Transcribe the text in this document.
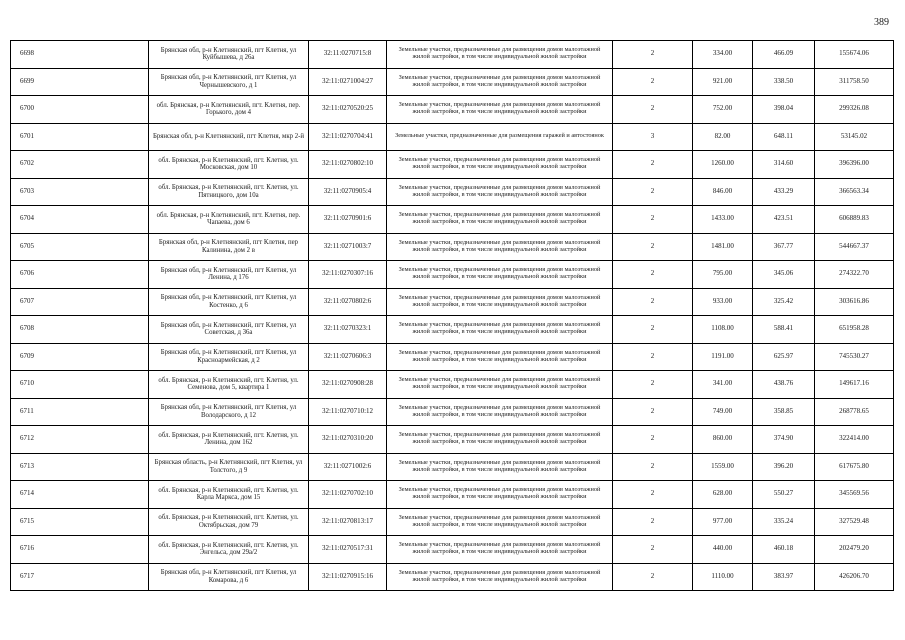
389
6698	Брянская обл, р-н Клетнянский, пгт Клетня, ул Куйбышева, д 26а	32:11:0270715:8	Земельные участки, предназначенные для размещения домов малоэтажной жилой застройки, в том числе индивидуальной жилой застройки	2	334.00	466.09	155674.06
6699	Брянская обл, р-н Клетнянский, пгт Клетня, ул Чернышевского, д 1	32:11:0271004:27	Земельные участки, предназначенные для размещения домов малоэтажной жилой застройки, в том числе индивидуальной жилой застройки	2	921.00	338.50	311758.50
6700	обл. Брянская, р-н Клетнянский, пгт. Клетня, пер. Горького, дом 4	32:11:0270520:25	Земельные участки, предназначенные для размещения домов малоэтажной жилой застройки, в том числе индивидуальной жилой застройки	2	752.00	398.04	299326.08
6701	Брянская обл, р-н Клетнянский, пгт Клетня, мкр 2-й	32:11:0270704:41	Земельные участки, предназначенные для размещения гаражей и автостоянок	3	82.00	648.11	53145.02
6702	обл. Брянская, р-н Клетнянский, пгт. Клетня, ул. Московская, дом 10	32:11:0270802:10	Земельные участки, предназначенные для размещения домов малоэтажной жилой застройки, в том числе индивидуальной жилой застройки	2	1260.00	314.60	396396.00
6703	обл. Брянская, р-н Клетнянский, пгт. Клетня, ул. Пятницкого, дом 10а	32:11:0270905:4	Земельные участки, предназначенные для размещения домов малоэтажной жилой застройки, в том числе индивидуальной жилой застройки	2	846.00	433.29	366563.34
6704	обл. Брянская, р-н Клетнянский, пгт. Клетня, пер. Чапаева, дом 6	32:11:0270901:6	Земельные участки, предназначенные для размещения домов малоэтажной жилой застройки, в том числе индивидуальной жилой застройки	2	1433.00	423.51	606889.83
6705	Брянская обл, р-н Клетнянский, пгт Клетня, пер Калинина, дом 2 в	32:11:0271003:7	Земельные участки, предназначенные для размещения домов малоэтажной жилой застройки, в том числе индивидуальной жилой застройки	2	1481.00	367.77	544667.37
6706	Брянская обл, р-н Клетнянский, пгт Клетня, ул Ленина, д 176	32:11:0270307:16	Земельные участки, предназначенные для размещения домов малоэтажной жилой застройки, в том числе индивидуальной жилой застройки	2	795.00	345.06	274322.70
6707	Брянская обл, р-н Клетнянский, пгт Клетня, ул Костенко, д 6	32:11:0270802:6	Земельные участки, предназначенные для размещения домов малоэтажной жилой застройки, в том числе индивидуальной жилой застройки	2	933.00	325.42	303616.86
6708	Брянская обл, р-н Клетнянский, пгт Клетня, ул Советская, д 36а	32:11:0270323:1	Земельные участки, предназначенные для размещения домов малоэтажной жилой застройки, в том числе индивидуальной жилой застройки	2	1108.00	588.41	651958.28
6709	Брянская обл, р-н Клетнянский, пгт Клетня, ул Красноармейская, д 2	32:11:0270606:3	Земельные участки, предназначенные для размещения домов малоэтажной жилой застройки, в том числе индивидуальной жилой застройки	2	1191.00	625.97	745530.27
6710	обл. Брянская, р-н Клетнянский, пгт. Клетня, ул. Семенова, дом 5, квартира 1	32:11:0270908:28	Земельные участки, предназначенные для размещения домов малоэтажной жилой застройки, в том числе индивидуальной жилой застройки	2	341.00	438.76	149617.16
6711	Брянская обл, р-н Клетнянский, пгт Клетня, ул Володарского, д 12	32:11:0270710:12	Земельные участки, предназначенные для размещения домов малоэтажной жилой застройки, в том числе индивидуальной жилой застройки	2	749.00	358.85	268778.65
6712	обл. Брянская, р-н Клетнянский, пгт. Клетня, ул. Ленина, дом 162	32:11:0270310:20	Земельные участки, предназначенные для размещения домов малоэтажной жилой застройки, в том числе индивидуальной жилой застройки	2	860.00	374.90	322414.00
6713	Брянская область, р-н Клетнянский, пгт Клетня, ул Толстого, д 9	32:11:0271002:6	Земельные участки, предназначенные для размещения домов малоэтажной жилой застройки, в том числе индивидуальной жилой застройки	2	1559.00	396.20	617675.80
6714	обл. Брянская, р-н Клетнянский, пгт. Клетня, ул. Карла Маркса, дом 15	32:11:0270702:10	Земельные участки, предназначенные для размещения домов малоэтажной жилой застройки, в том числе индивидуальной жилой застройки	2	628.00	550.27	345569.56
6715	обл. Брянская, р-н Клетнянский, пгт. Клетня, ул. Октябрьская, дом 79	32:11:0270813:17	Земельные участки, предназначенные для размещения домов малоэтажной жилой застройки, в том числе индивидуальной жилой застройки	2	977.00	335.24	327529.48
6716	обл. Брянская, р-н Клетнянский, пгт. Клетня, ул. Энгельса, дом 29а/2	32:11:0270517:31	Земельные участки, предназначенные для размещения домов малоэтажной жилой застройки, в том числе индивидуальной жилой застройки	2	440.00	460.18	202479.20
6717	Брянская обл, р-н Клетнянский, пгт Клетня, ул Комарова, д 6	32:11:0270915:16	Земельные участки, предназначенные для размещения домов малоэтажной жилой застройки, в том числе индивидуальной жилой застройки	2	1110.00	383.97	426206.70
